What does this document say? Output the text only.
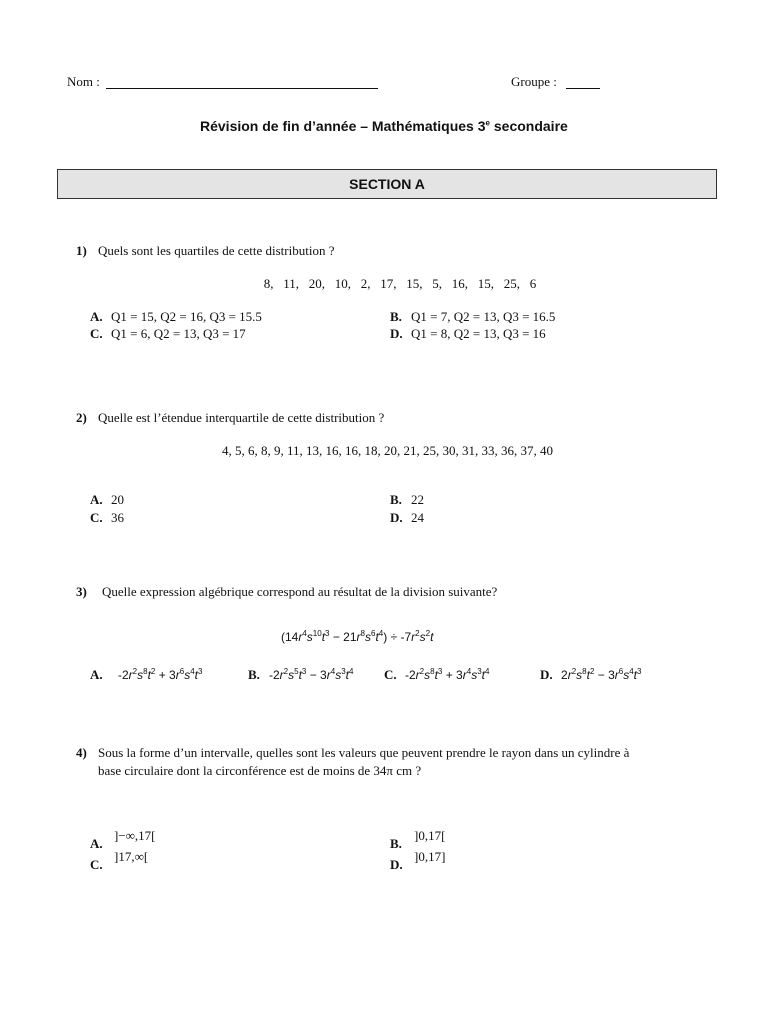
Nom :	Groupe :
Révision de fin d’année – Mathématiques 3e secondaire
SECTION A
1) Quels sont les quartiles de cette distribution ?
8,   11,   20,   10,   2,   17,   15,   5,   16,   15,   25,   6
A. Q1 = 15, Q2 = 16, Q3 = 15.5	B. Q1 = 7, Q2 = 13, Q3 = 16.5
C. Q1 = 6, Q2 = 13, Q3 = 17	D. Q1 = 8, Q2 = 13, Q3 = 16
2) Quelle est l’étendue interquartile de cette distribution ?
4, 5, 6, 8, 9, 11, 13, 16, 16, 18, 20, 21, 25, 30, 31, 33, 36, 37, 40
A. 20	B. 22
C. 36	D. 24
3) Quelle expression algébrique correspond au résultat de la division suivante?
$(14r^4s^{10}t^3 - 21r^8s^6t^4) \div -7r^2s^2t$
A. $-2r^2s^8t^2 + 3r^6s^4t^3$	B. $-2r^2s^5t^3 - 3r^4s^3t^4$ C. $-2r^2s^8t^3 + 3r^4s^3t^4$	D. $2r^2s^8t^2 - 3r^6s^4t^3$
4) Sous la forme d’un intervalle, quelles sont les valeurs que peuvent prendre le rayon dans un cylindre à
base circulaire dont la circonférence est de moins de 34π cm ?
A.
]−∞,17[
B.
]0,17[
C.
]17,∞[
D.
]0,17]
